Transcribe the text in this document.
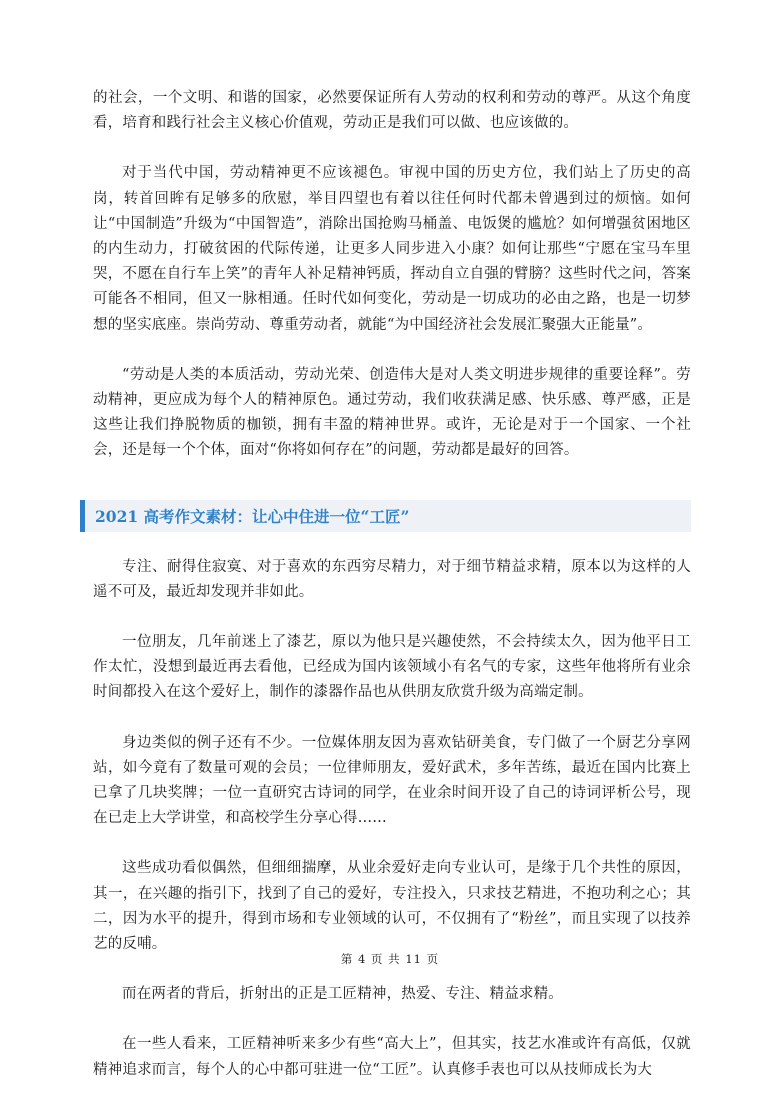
的社会，一个文明、和谐的国家，必然要保证所有人劳动的权利和劳动的尊严。从这个角度看，培育和践行社会主义核心价值观，劳动正是我们可以做、也应该做的。

对于当代中国，劳动精神更不应该褪色。审视中国的历史方位，我们站上了历史的高岗，转首回眸有足够多的欣慰，举目四望也有着以往任何时代都未曾遇到过的烦恼。如何让“中国制造”升级为“中国智造”，消除出国抢购马桶盖、电饭煲的尴尬？如何增强贫困地区的内生动力，打破贫困的代际传递，让更多人同步进入小康？如何让那些“宁愿在宝马车里哭，不愿在自行车上笑”的青年人补足精神钙质，挥动自立自强的臂膀？这些时代之问，答案可能各不相同，但又一脉相通。任时代如何变化，劳动是一切成功的必由之路，也是一切梦想的坚实底座。崇尚劳动、尊重劳动者，就能“为中国经济社会发展汇聚强大正能量”。

“劳动是人类的本质活动，劳动光荣、创造伟大是对人类文明进步规律的重要诠释”。劳动精神，更应成为每个人的精神原色。通过劳动，我们收获满足感、快乐感、尊严感，正是这些让我们挣脱物质的枷锁，拥有丰盈的精神世界。或许，无论是对于一个国家、一个社会，还是每一个个体，面对“你将如何存在”的问题，劳动都是最好的回答。

2021 高考作文素材：让心中住进一位“工匠”

专注、耐得住寂寞、对于喜欢的东西穷尽精力，对于细节精益求精，原本以为这样的人遥不可及，最近却发现并非如此。

一位朋友，几年前迷上了漆艺，原以为他只是兴趣使然，不会持续太久，因为他平日工作太忙，没想到最近再去看他，已经成为国内该领域小有名气的专家，这些年他将所有业余时间都投入在这个爱好上，制作的漆器作品也从供朋友欣赏升级为高端定制。

身边类似的例子还有不少。一位媒体朋友因为喜欢钻研美食，专门做了一个厨艺分享网站，如今竟有了数量可观的会员；一位律师朋友，爱好武术，多年苦练，最近在国内比赛上已拿了几块奖牌；一位一直研究古诗词的同学，在业余时间开设了自己的诗词评析公号，现在已走上大学讲堂，和高校学生分享心得……

这些成功看似偶然，但细细揣摩，从业余爱好走向专业认可，是缘于几个共性的原因，其一，在兴趣的指引下，找到了自己的爱好，专注投入，只求技艺精进，不抱功利之心；其二，因为水平的提升，得到市场和专业领域的认可，不仅拥有了“粉丝”，而且实现了以技养艺的反哺。

而在两者的背后，折射出的正是工匠精神，热爱、专注、精益求精。

在一些人看来，工匠精神听来多少有些“高大上”，但其实，技艺水准或许有高低，仅就精神追求而言，每个人的心中都可驻进一位“工匠”。认真修手表也可以从技师成长为大

第 4 页 共 11 页
